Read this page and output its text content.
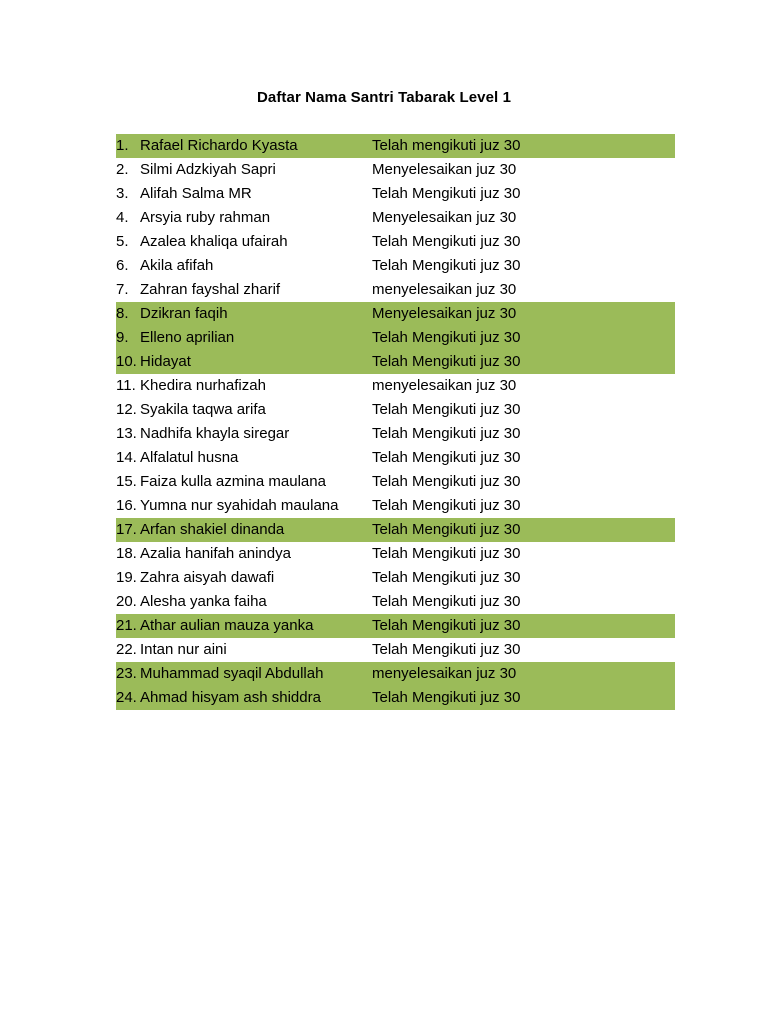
Daftar Nama Santri Tabarak Level 1
1. Rafael Richardo Kyasta	Telah mengikuti juz 30
2. Silmi Adzkiyah Sapri	Menyelesaikan juz 30
3. Alifah Salma MR	Telah Mengikuti juz 30
4. Arsyia ruby rahman	Menyelesaikan juz 30
5. Azalea khaliqa ufairah	Telah Mengikuti juz 30
6. Akila afifah	Telah Mengikuti juz 30
7. Zahran fayshal zharif	menyelesaikan juz 30
8. Dzikran faqih	Menyelesaikan juz 30
9. Elleno aprilian	Telah Mengikuti juz 30
10. Hidayat	Telah Mengikuti juz 30
11. Khedira nurhafizah	menyelesaikan juz 30
12. Syakila taqwa arifa	Telah Mengikuti juz 30
13. Nadhifa khayla siregar	Telah Mengikuti juz 30
14. Alfalatul husna	Telah Mengikuti juz 30
15. Faiza kulla azmina maulana	Telah Mengikuti juz 30
16. Yumna nur syahidah maulana	Telah Mengikuti juz 30
17. Arfan shakiel dinanda	Telah Mengikuti juz 30
18. Azalia hanifah anindya	Telah Mengikuti juz 30
19. Zahra aisyah dawafi	Telah Mengikuti juz 30
20. Alesha yanka faiha	Telah Mengikuti juz 30
21. Athar aulian mauza yanka	Telah Mengikuti juz 30
22. Intan nur aini	Telah Mengikuti juz 30
23. Muhammad syaqil Abdullah	menyelesaikan juz 30
24. Ahmad hisyam ash shiddra	Telah Mengikuti juz 30
